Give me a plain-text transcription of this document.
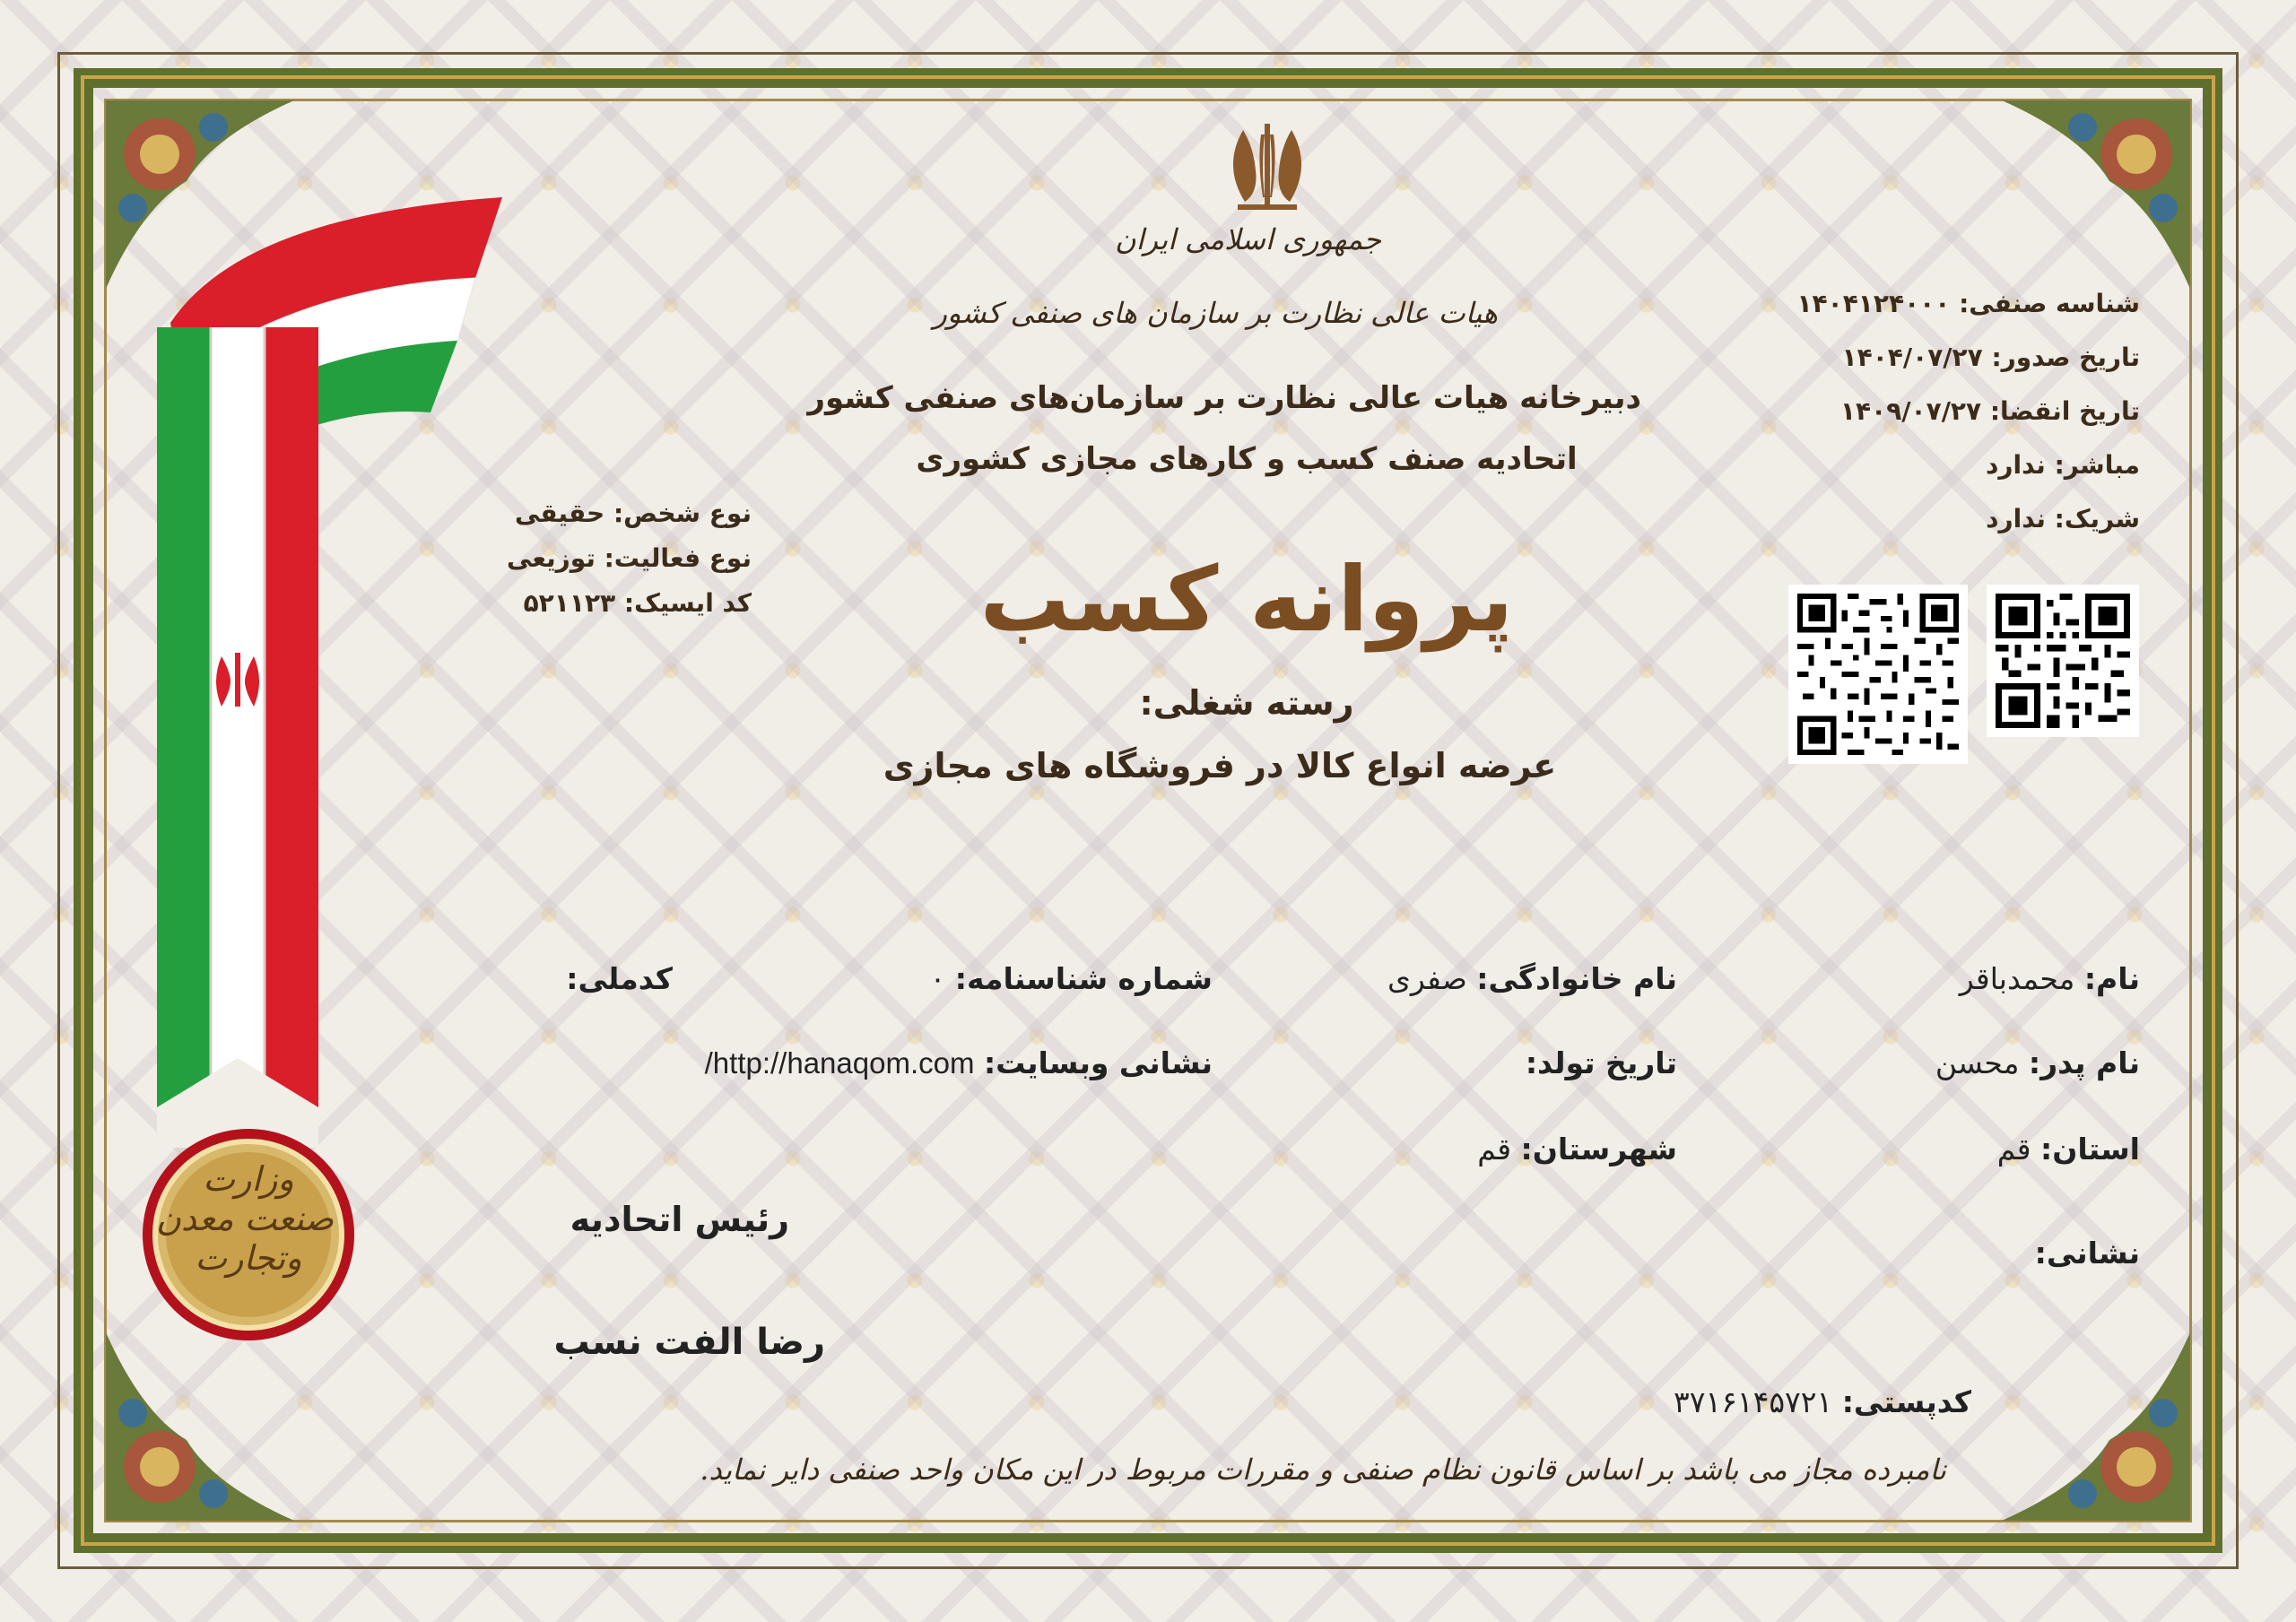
وزارت
صنعت معدن
وتجارت
جمهوری اسلامی ایران
هیات عالی نظارت بر سازمان های صنفی کشور
دبیرخانه هیات عالی نظارت بر سازمان‌های صنفی کشور
اتحادیه صنف کسب و کارهای مجازی کشوری
پروانه کسب
رسته شغلی:
عرضه انواع کالا در فروشگاه های مجازی
نوع شخص: حقیقی
نوع فعالیت: توزیعی
کد ایسیک: ۵۲۱۱۲۳
شناسه صنفی: ۱۴۰۴۱۲۴۰۰۰
تاریخ صدور: ۱۴۰۴/۰۷/۲۷
تاریخ انقضا: ۱۴۰۹/۰۷/۲۷
مباشر: ندارد
شریک: ندارد
نام: محمدباقر
نام خانوادگی: صفری
شماره شناسنامه: ۰
کدملی:
نام پدر: محسن
تاریخ تولد:
نشانی وبسایت: http://hanaqom.com/
استان: قم
شهرستان: قم
نشانی:
رئیس اتحادیه
رضا الفت نسب
کدپستی: ۳۷۱۶۱۴۵۷۲۱
نامبرده مجاز می باشد بر اساس قانون نظام صنفی و مقررات مربوط در این مکان واحد صنفی دایر نماید.
